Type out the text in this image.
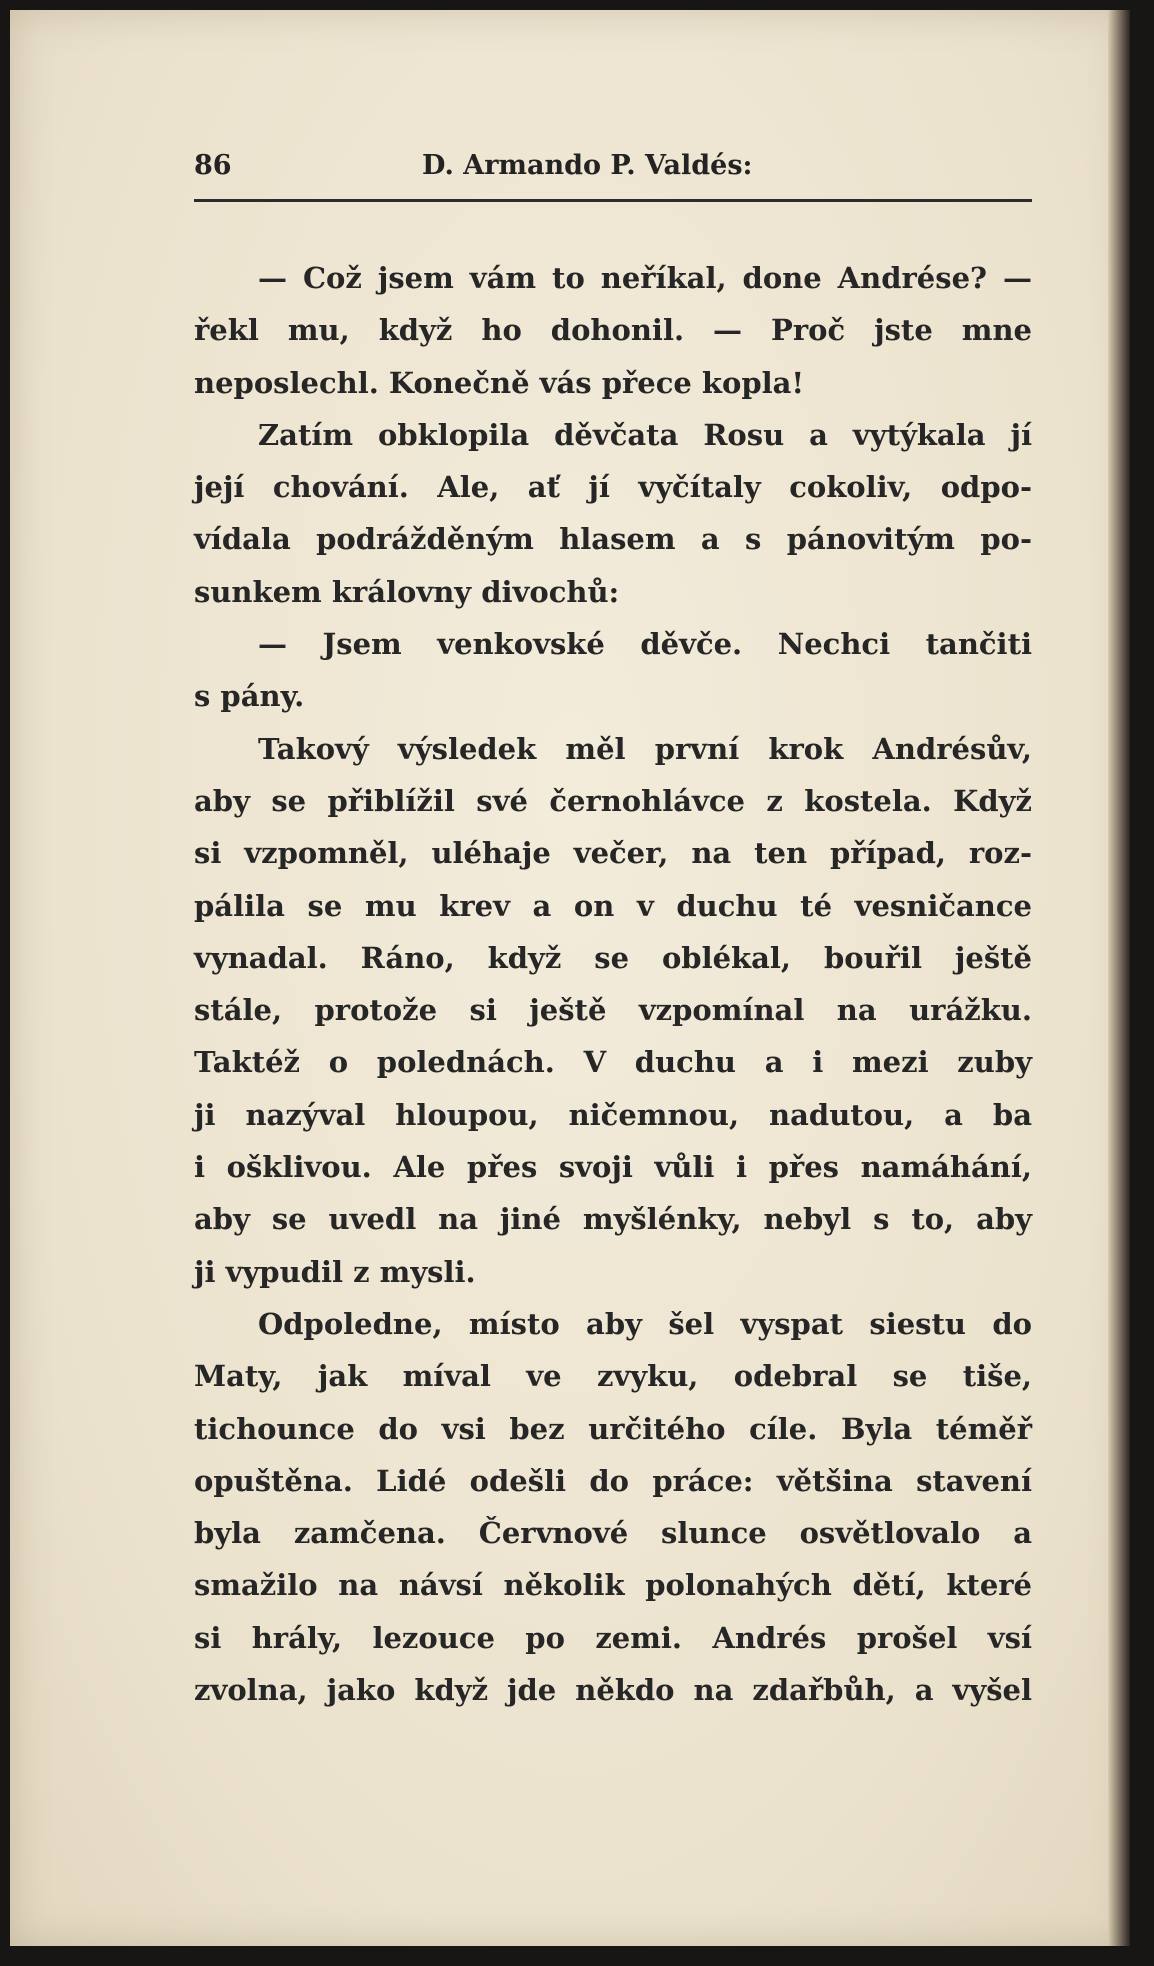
86	D. Armando P. Valdés:
— Což jsem vám to neříkal, done Andrése? —
řekl mu, když ho dohonil. — Proč jste mne
neposlechl. Konečně vás přece kopla!
Zatím obklopila děvčata Rosu a vytýkala jí
její chování. Ale, ať jí vyčítaly cokoliv, odpo-
vídala podrážděným hlasem a s pánovitým po-
sunkem královny divochů:
— Jsem venkovské děvče. Nechci tančiti
s pány.
Takový výsledek měl první krok Andrésův,
aby se přiblížil své černohlávce z kostela. Když
si vzpomněl, uléhaje večer, na ten případ, roz-
pálila se mu krev a on v duchu té vesničance
vynadal. Ráno, když se oblékal, bouřil ještě
stále, protože si ještě vzpomínal na urážku.
Taktéž o polednách. V duchu a i mezi zuby
ji nazýval hloupou, ničemnou, nadutou, a ba
i ošklivou. Ale přes svoji vůli i přes namáhání,
aby se uvedl na jiné myšlénky, nebyl s to, aby
ji vypudil z mysli.
Odpoledne, místo aby šel vyspat siestu do
Maty, jak míval ve zvyku, odebral se tiše,
tichounce do vsi bez určitého cíle. Byla téměř
opuštěna. Lidé odešli do práce: většina stavení
byla zamčena. Červnové slunce osvětlovalo a
smažilo na návsí několik polonahých dětí, které
si hrály, lezouce po zemi. Andrés prošel vsí
zvolna, jako když jde někdo na zdařbůh, a vyšel
